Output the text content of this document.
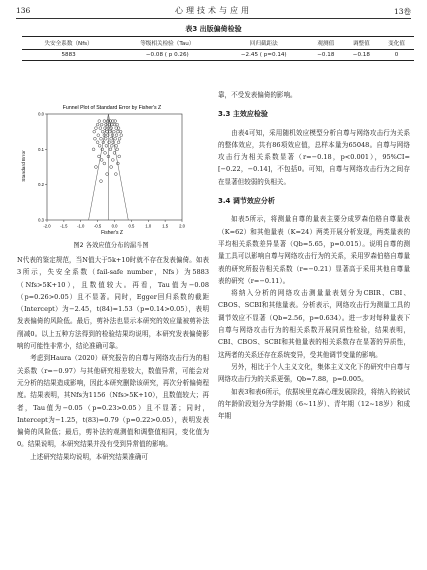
136	心理技术与应用	13卷
表3 出版偏倚检验
失安全系数（Nfs）	等级相关检验（Tau）	回归截距法	观测值	调整值	变化值
5883	−0.08 ( p 0.26)	−2.45 ( p=0.14)	−0.18	−0.18	0
Funnel Plot of Standard Error by Fisher's Z
Standard Error
Fisher's Z
-2.0 -1.5 -1.0 -0.5 0.0	0.5	1.0	1.5	2.0
0.0
0.1
0.2
0.3
图2 各效应值分布的漏斗图

N代表的鉴定规范，当N值大于5k+10时就不存在发表偏倚。如表3所示，失安全系数（fail-safe number，Nfs）为5883（Nfs>5K+10），且数值较大。再看，Tau值为−0.08（p=0.26>0.05）且不显著。同时，Egger回归系数的截距（Intercept）为−2.45，t(84)=1.53（p=0.14>0.05），表明发表偏倚的风险低。最后，剪补法也显示本研究的效应量被剪补法削减0。以上五种方法得到的检验结果均说明，本研究发表偏倚影响的可能性非常小，结论准确可靠。

考虑到Haura（2020）研究报告的自尊与网络攻击行为的相关系数（r=−0.97）与其他研究相差较大，数值异常，可能会对元分析的结果造成影响，因此本研究删除该研究，再次分析偏倚程度。结果表明，其Nfs为1156（Nfs>5K+10），且数值较大；再者，Tau值为−0.05（p=0.23>0.05）且不显著；同时，Intercept为−1.25，t(83)=0.79（p=0.22>0.05），表明发表偏倚的风险低；最后，剪补法的观测值和调整值相同，变化值为0。结果说明，本研究结果并没有受到异常值的影响。

上述研究结果均说明，本研究结果准确可

靠，不受发表偏倚的影响。

3.3 主效应检验

由表4可知，采用随机效应模型分析自尊与网络攻击行为关系的整体效应，共有86项效应值，总样本量为65048。自尊与网络攻击行为相关系数显著（r=−0.18，p<0.001），95%CI=[−0.22，−0.14]，不包括0。可知，自尊与网络攻击行为之间存在显著但较弱的负相关。

3.4 调节效应分析

如表5所示，将测量自尊的量表主要分成罗森伯格自尊量表（K=62）和其他量表（K=24）两类开展分析发现，两类量表的平均相关系数差异显著（Qb=5.65，p=0.015）。说明自尊的测量工具可以影响自尊与网络攻击行为的关系，采用罗森伯格自尊量表的研究所报告相关系数（r=−0.21）显著高于采用其他自尊量表的研究（r=−0.11）。

将纳入分析的网络攻击测量量表划分为CBIR、CBI、CBOS、SCBI和其他量表。分析表示，网络攻击行为测量工具的调节效应不显著（Qb=2.56，p=0.634）。进一步对每种量表下自尊与网络攻击行为的相关系数开展同质性检验，结果表明，CBI、CBOS、SCBI和其他量表的相关系数存在显著的异质性，这两者的关系还存在系统变异，受其他调节变量的影响。

另外，相比于个人主义文化，集体主义文化下的研究中自尊与网络攻击行为的关系更强，Qb=7.88，p=0.005。

如表3和表6所示，依据埃里克森心理发展阶段，将纳入的被试的年龄阶段划分为学龄期（6~11岁）、青年期（12~18岁）和成年期
